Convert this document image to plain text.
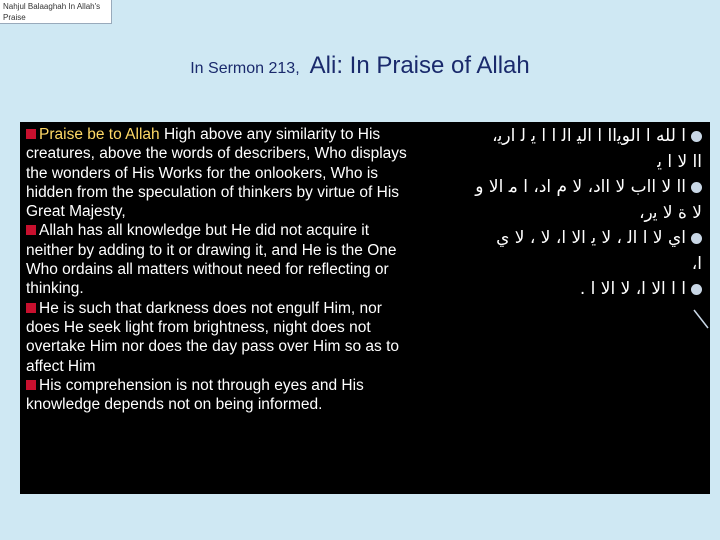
Nahjul Balaaghah In Allah's Praise
In Sermon 213, Ali: In Praise of Allah
Praise be to Allah High above any similarity to His creatures, above the words of describers, Who displays the wonders of His Works for the onlookers, Who is hidden from the speculation of thinkers by virtue of His Great Majesty,
Allah has all knowledge but He did not acquire it neither by adding to it or drawing it, and He is the One Who ordains all matters without need for reflecting or thinking.
He is such that darkness does not engulf Him, nor does He seek light from brightness, night does not overtake Him nor does the day pass over Him so as to affect Him
His comprehension is not through eyes and His knowledge depends not on being informed.
ﺍ ﻟﻠﻪ ﺍ ﺍﻟﻮﻳﺍﺍ ﺍ ﺍﻟﻴ ﺍﻟ ﺍ ﺍ ﻳ ﻟ ﺍﺭﻳ،
ﺍﺍ ﻻ ﺍ ﻳ
ﺍﺍ ﻻ ﺍﺍﺏ ﻻ ﺍﺍﺩ، ﻻ ﻡ ﺍﺩ، ﺍ ﻣ ﺍﻻ ﻭ
ﻻ ﺓ ﻻ ﻳﺭ،
ﺍﻱ ﻻ ﺍ ﺍﻟ ، ﻻ ﻳ ﺍﻻ ﺍ، ﻻ ، ﻻ ﻱ
ﺍ،
ﺍ ﺍ ﺍﻻ ﺍ، ﻻ ﺍﻻ ﺍ .
